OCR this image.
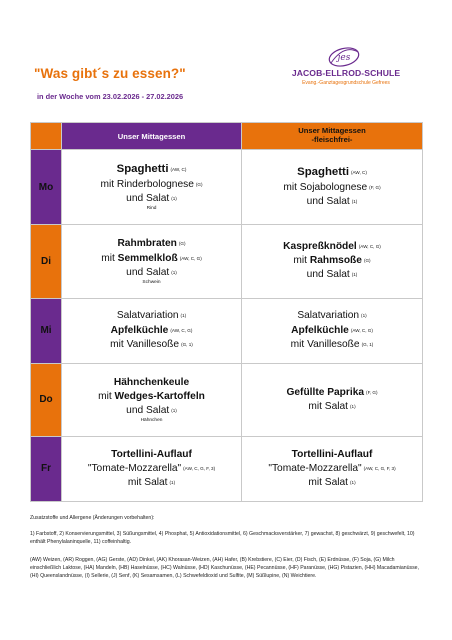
"Was gibt´s zu essen?"
in der Woche vom 23.02.2026 - 27.02.2026
jes
JACOB-ELLROD-SCHULE
Evang.-Ganztagesgrundschule Gefrees
	Unser Mittagessen	Unser Mittagessen
-fleischfrei-

Mo	Spaghetti (AW, C)
mit Rinderbolognese (G)
und Salat (1)
Rind	Spaghetti (AW, C)
mit Sojabolognese (F, G)
und Salat (1)

Di	Rahmbraten (G)
mit Semmelkloß (AW, C, G)
und Salat (1)
Schwein	Kaspreßknödel (AW, C, G)
mit Rahmsoße (G)
und Salat (1)

Mi	Salatvariation (1)
Apfelküchle (AW, C, G)
mit Vanillesoße (G, 1)	Salatvariation (1)
Apfelküchle (AW, C, G)
mit Vanillesoße (G, 1)

Do	Hähnchenkeule
mit Wedges-Kartoffeln
und Salat (1)
Hähnchen	Gefüllte Paprika (F, G)
mit Salat (1)

Fr	Tortellini-Auflauf
"Tomate-Mozzarella" (AW, C, G, F, 3)
mit Salat (1)	Tortellini-Auflauf
"Tomate-Mozzarella" (AW, C, G, F, 3)
mit Salat (1)
Zusatzstoffe und Allergene (Änderungen vorbehalten):
1) Farbstoff, 2) Konservierungsmittel, 3) Süßungsmittel, 4) Phosphat, 5) Antioxidationsmittel, 6) Geschmacksverstärker, 7) gewachst, 8) geschwärzt, 9) geschwefelt, 10) enthält Phenylalaninquelle, 11) coffeinhaltig.
(AW) Weizen, (AR) Roggen, (AG) Gerste, (AD) Dinkel, (AK) Khorasan-Weizen, (AH) Hafer, (B) Krebstiere, (C) Eier, (D) Fisch, (E) Erdnüsse, (F) Soja, (G) Milch einschließlich Laktose, (HA) Mandeln, (HB) Haselnüsse, (HC) Walnüsse, (HD) Kaschunüsse, (HE) Pecannüsse, (HF) Paranüsse, (HG) Pistazien, (HH) Macadamianüsse, (HI) Queenslandnüsse, (I) Sellerie, (J) Senf, (K) Sesamsamen, (L) Schwefeldioxid und Sulfite, (M) Süßlupine, (N) Weichtiere.
